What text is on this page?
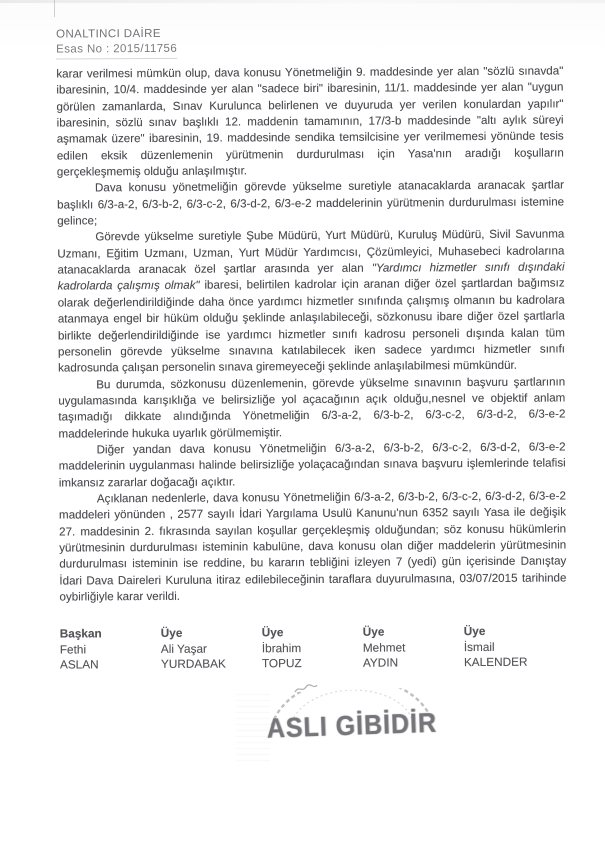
ONALTINCI DAİRE
Esas No : 2015/11756

karar verilmesi mümkün olup, dava konusu Yönetmeliğin 9. maddesinde yer alan "sözlü sınavda" ibaresinin, 10/4. maddesinde yer alan "sadece biri" ibaresinin, 11/1. maddesinde yer alan "uygun görülen zamanlarda, Sınav Kurulunca belirlenen ve duyuruda yer verilen konulardan yapılır" ibaresinin, sözlü sınav başlıklı 12. maddenin tamamının, 17/3-b maddesinde "altı aylık süreyi aşmamak üzere" ibaresinin, 19. maddesinde sendika temsilcisine yer verilmemesi yönünde tesis edilen eksik düzenlemenin yürütmenin durdurulması için Yasa'nın aradığı koşulların gerçekleşmemiş olduğu anlaşılmıştır.

Dava konusu yönetmeliğin görevde yükselme suretiyle atanacaklarda aranacak şartlar başlıklı 6/3-a-2, 6/3-b-2, 6/3-c-2, 6/3-d-2, 6/3-e-2 maddelerinin yürütmenin durdurulması istemine gelince;

Görevde yükselme suretiyle Şube Müdürü, Yurt Müdürü, Kuruluş Müdürü, Sivil Savunma Uzmanı, Eğitim Uzmanı, Uzman, Yurt Müdür Yardımcısı, Çözümleyici, Muhasebeci kadrolarına atanacaklarda aranacak özel şartlar arasında yer alan "Yardımcı hizmetler sınıfı dışındaki kadrolarda çalışmış olmak" ibaresi, belirtilen kadrolar için aranan diğer özel şartlardan bağımsız olarak değerlendirildiğinde daha önce yardımcı hizmetler sınıfında çalışmış olmanın bu kadrolara atanmaya engel bir hüküm olduğu şeklinde anlaşılabileceği, sözkonusu ibare diğer özel şartlarla birlikte değerlendirildiğinde ise yardımcı hizmetler sınıfı kadrosu personeli dışında kalan tüm personelin görevde yükselme sınavına katılabilecek iken sadece yardımcı hizmetler sınıfı kadrosunda çalışan personelin sınava giremeyeceği şeklinde anlaşılabilmesi mümkündür.

Bu durumda, sözkonusu düzenlemenin, görevde yükselme sınavının başvuru şartlarının uygulamasında karışıklığa ve belirsizliğe yol açacağının açık olduğu,nesnel ve objektif anlam taşımadığı dikkate alındığında Yönetmeliğin 6/3-a-2, 6/3-b-2, 6/3-c-2, 6/3-d-2, 6/3-e-2 maddelerinde hukuka uyarlık görülmemiştir.

Diğer yandan dava konusu Yönetmeliğin 6/3-a-2, 6/3-b-2, 6/3-c-2, 6/3-d-2, 6/3-e-2 maddelerinin uygulanması halinde belirsizliğe yolaçacağından sınava başvuru işlemlerinde telafisi imkansız zararlar doğacağı açıktır.

Açıklanan nedenlerle, dava konusu Yönetmeliğin 6/3-a-2, 6/3-b-2, 6/3-c-2, 6/3-d-2, 6/3-e-2 maddeleri yönünden , 2577 sayılı İdari Yargılama Usulü Kanunu'nun 6352 sayılı Yasa ile değişik 27. maddesinin 2. fıkrasında sayılan koşullar gerçekleşmiş olduğundan; söz konusu hükümlerin yürütmesinin durdurulması isteminin kabulüne, dava konusu olan diğer maddelerin yürütmesinin durdurulması isteminin ise reddine, bu kararın tebliğini izleyen 7 (yedi) gün içerisinde Danıştay İdari Dava Daireleri Kuruluna itiraz edilebileceğinin taraflara duyurulmasına, 03/07/2015 tarihinde oybirliğiyle karar verildi.

Başkan
Fethi
ASLAN
Üye
Ali Yaşar
YURDABAK
Üye
İbrahim
TOPUZ
Üye
Mehmet
AYDIN
Üye
İsmail
KALENDER
ASLI GİBİDİR
